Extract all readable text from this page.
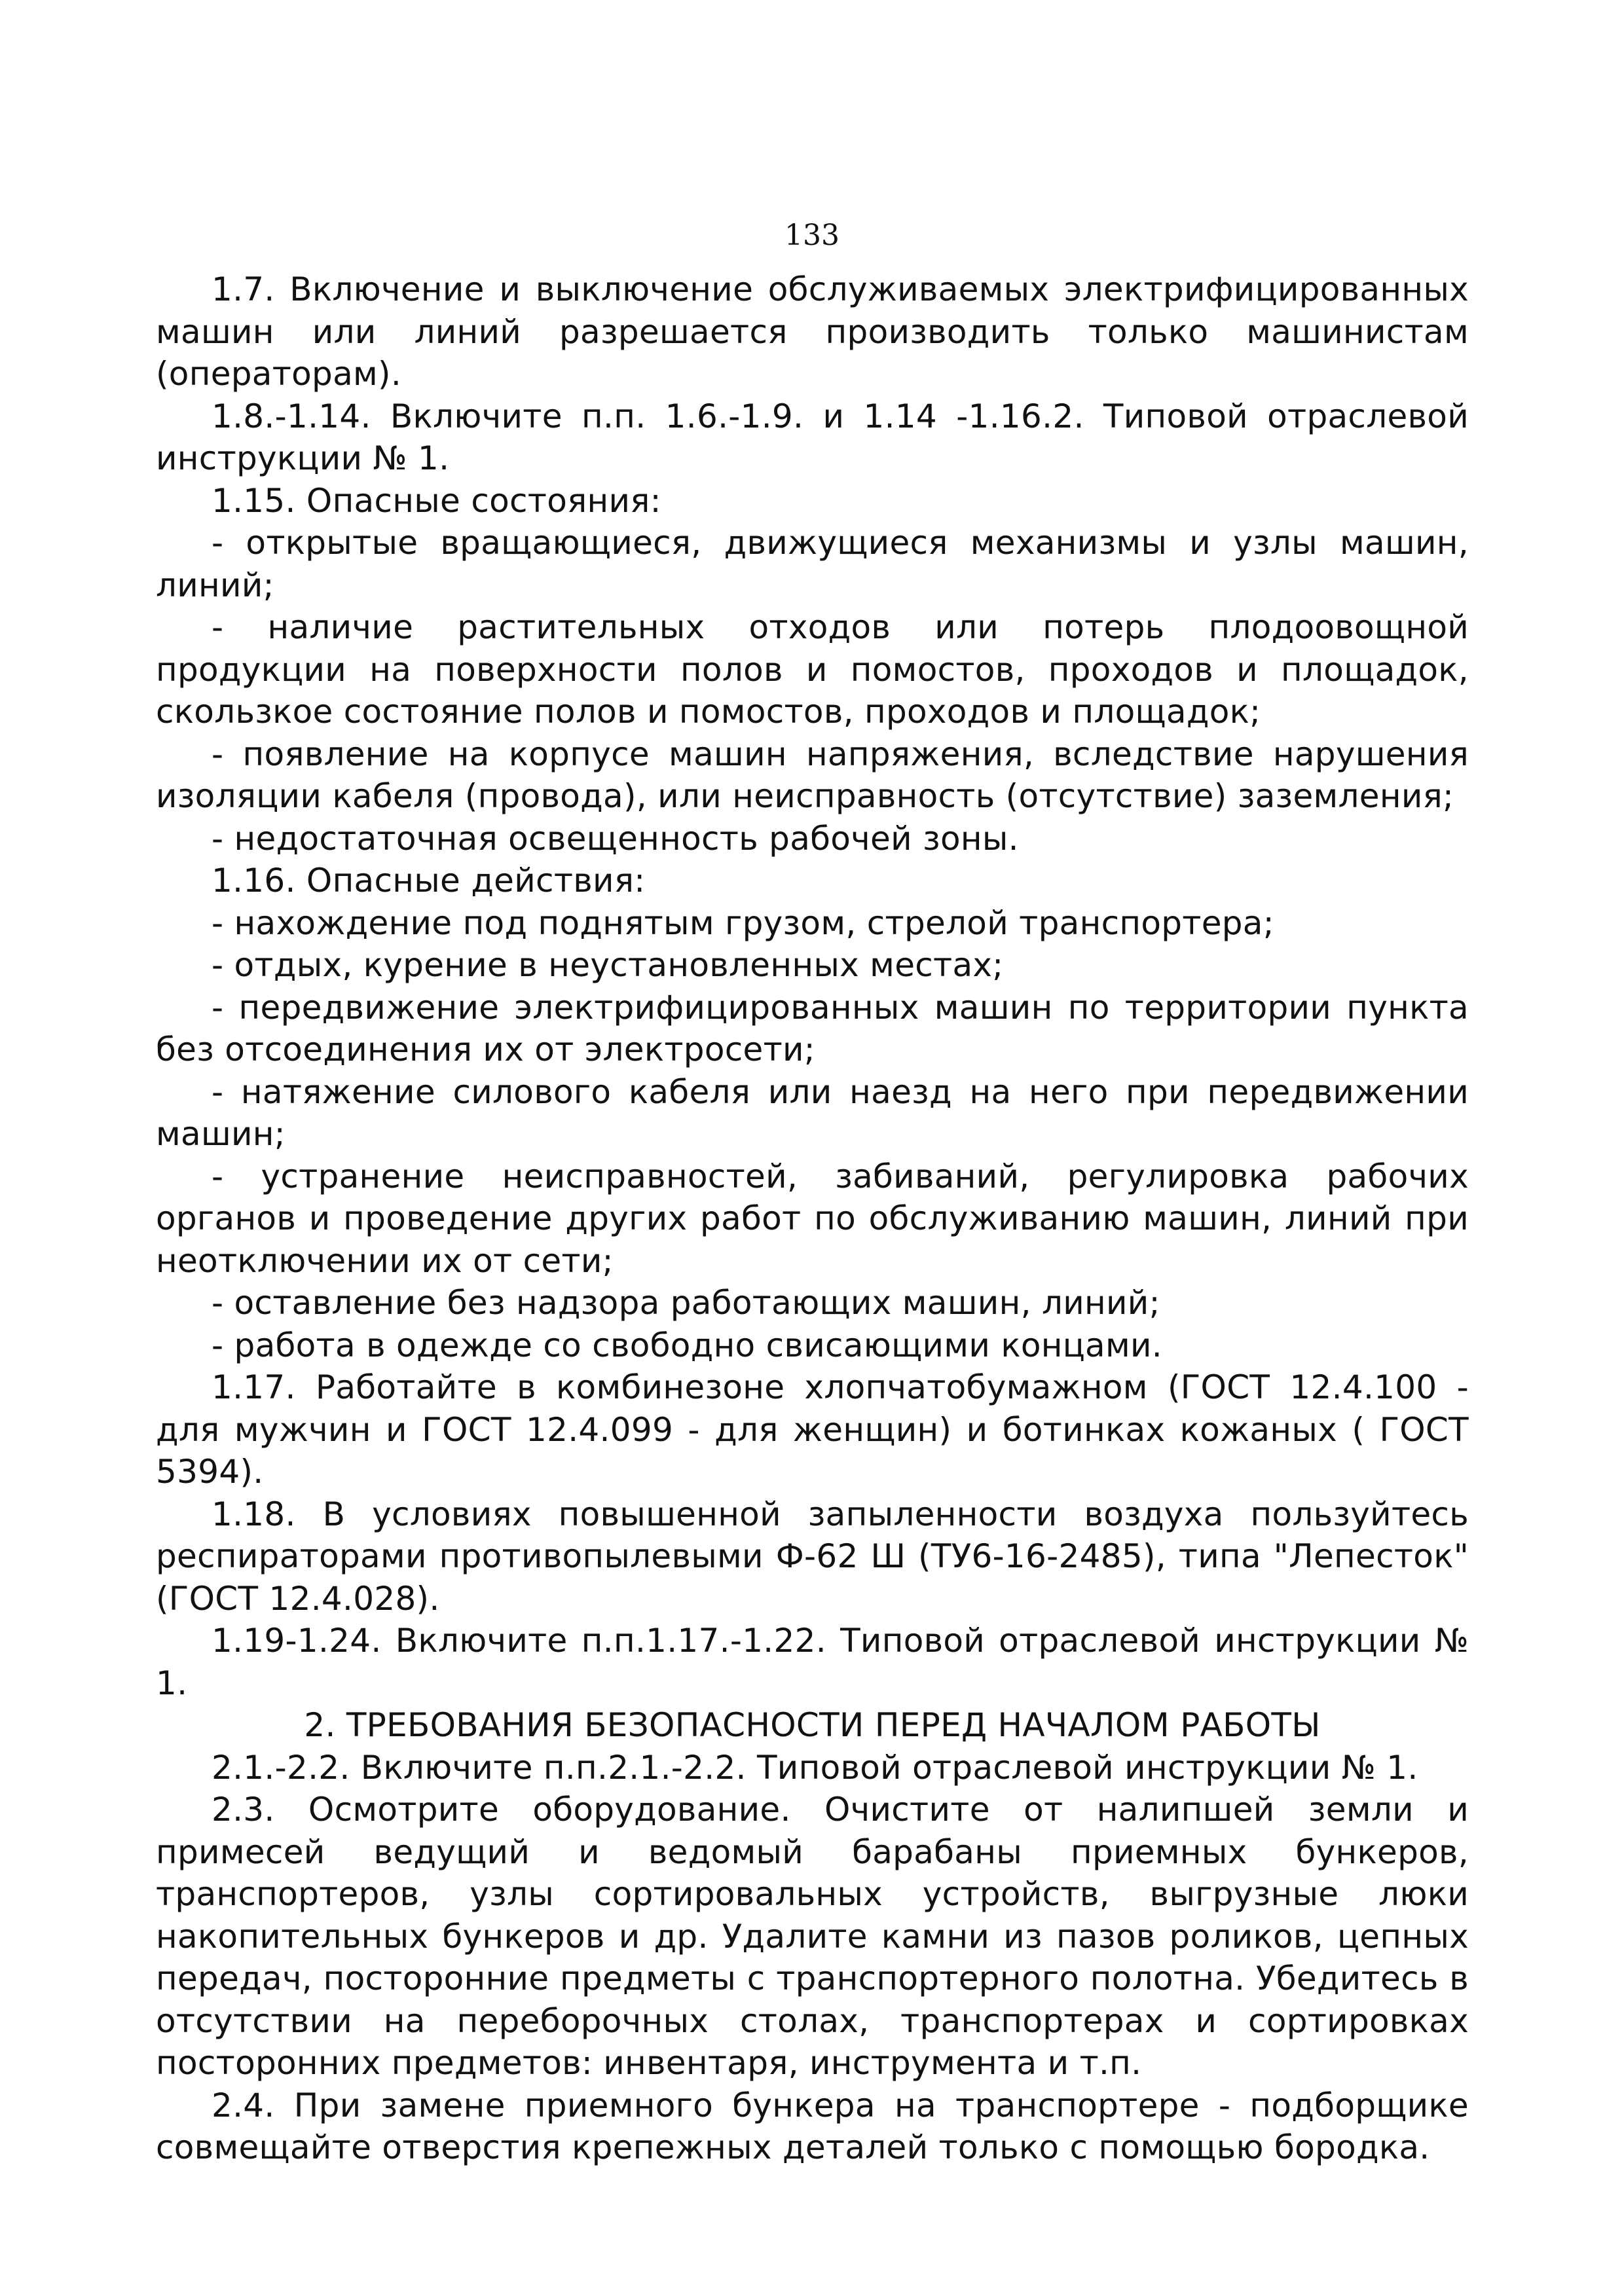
133

1.7. Включение и выключение обслуживаемых электрифицированных машин или линий разрешается производить только машинистам (операторам).

1.8.-1.14. Включите п.п. 1.6.-1.9. и 1.14 -1.16.2. Типовой отраслевой инструкции № 1.

1.15. Опасные состояния:

- открытые вращающиеся, движущиеся механизмы и узлы машин, линий;

- наличие растительных отходов или потерь плодоовощной продукции на поверхности полов и помостов, проходов и площадок, скользкое состояние полов и помостов, проходов и площадок;

- появление на корпусе машин напряжения, вследствие нарушения изоляции кабеля (провода), или неисправность (отсутствие) заземления;

- недостаточная освещенность рабочей зоны.

1.16. Опасные действия:

- нахождение под поднятым грузом, стрелой транспортера;

- отдых, курение в неустановленных местах;

- передвижение электрифицированных машин по территории пункта без отсоединения их от электросети;

- натяжение силового кабеля или наезд на него при передвижении машин;

- устранение неисправностей, забиваний, регулировка рабочих органов и проведение других работ по обслуживанию машин, линий при неотключении их от сети;

- оставление без надзора работающих машин, линий;

- работа в одежде со свободно свисающими концами.

1.17. Работайте в комбинезоне хлопчатобумажном (ГОСТ 12.4.100 - для мужчин и ГОСТ 12.4.099 - для женщин) и ботинках кожаных ( ГОСТ 5394).

1.18. В условиях повышенной запыленности воздуха пользуйтесь респираторами противопылевыми Ф-62 Ш (ТУ6-16-2485), типа "Лепесток" (ГОСТ 12.4.028).

1.19-1.24. Включите п.п.1.17.-1.22. Типовой отраслевой инструкции № 1.

2. ТРЕБОВАНИЯ БЕЗОПАСНОСТИ ПЕРЕД НАЧАЛОМ РАБОТЫ

2.1.-2.2. Включите п.п.2.1.-2.2. Типовой отраслевой инструкции № 1.

2.3. Осмотрите оборудование. Очистите от налипшей земли и примесей ведущий и ведомый барабаны приемных бункеров, транспортеров, узлы сортировальных устройств, выгрузные люки накопительных бункеров и др. Удалите камни из пазов роликов, цепных передач, посторонние предметы с транспортерного полотна. Убедитесь в отсутствии на переборочных столах, транспортерах и сортировках посторонних предметов: инвентаря, инструмента и т.п.

2.4. При замене приемного бункера на транспортере - подборщике совмещайте отверстия крепежных деталей только с помощью бородка.
